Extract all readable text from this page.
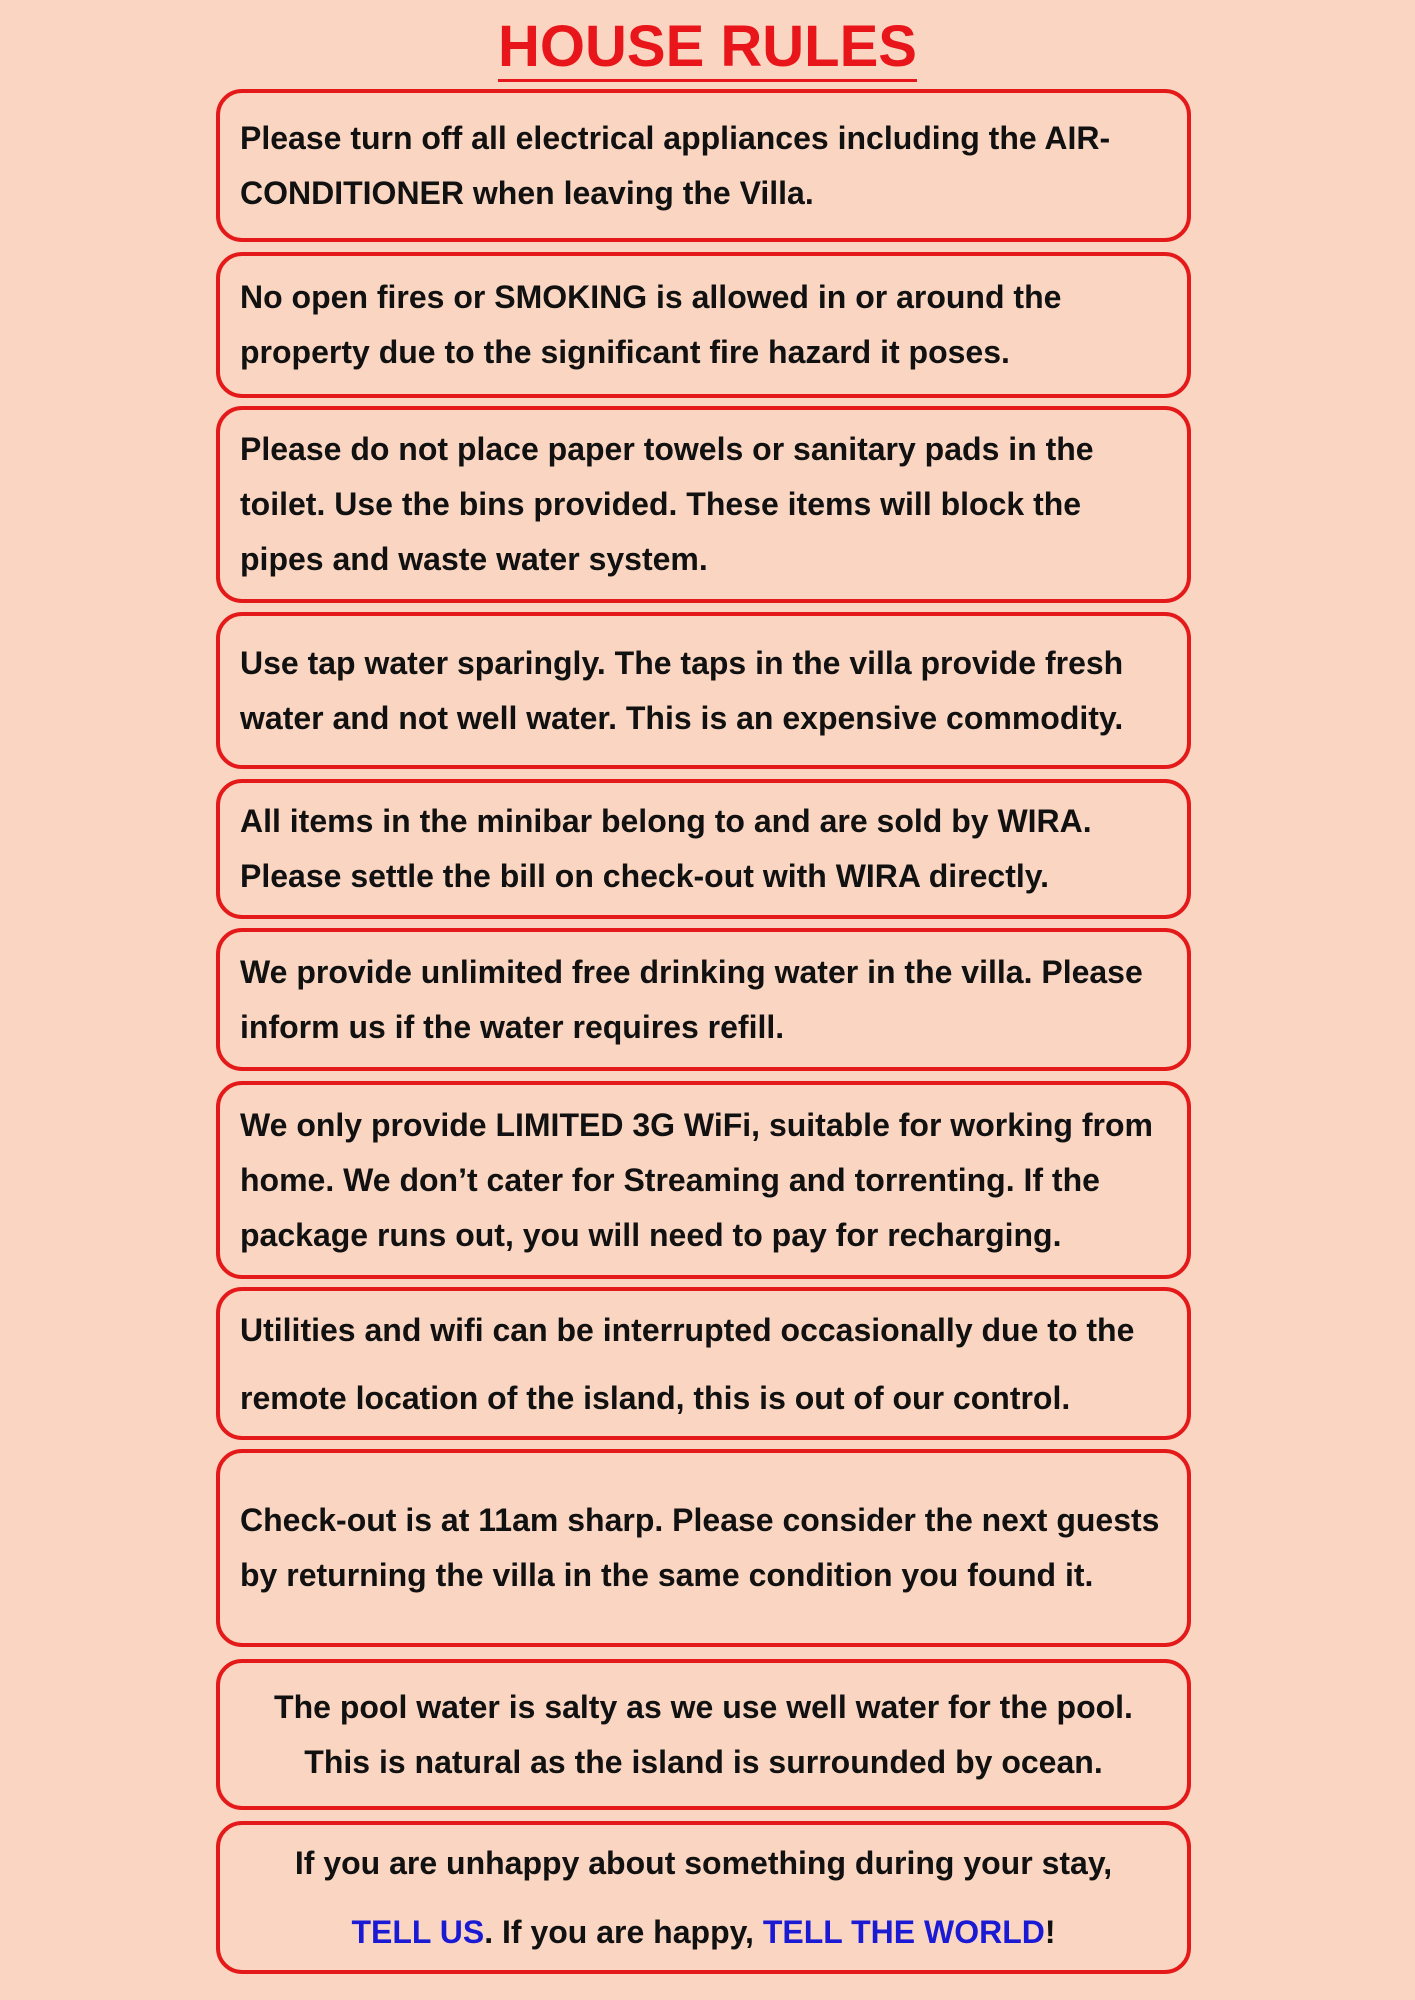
HOUSE RULES
Please turn off all electrical appliances including the AIR-CONDITIONER when leaving the Villa.
No open fires or SMOKING is allowed in or around the property due to the significant fire hazard it poses.
Please do not place paper towels or sanitary pads in the toilet. Use the bins provided. These items will block the pipes and waste water system.
Use tap water sparingly. The taps in the villa provide fresh water and not well water. This is an expensive commodity.
All items in the minibar belong to and are sold by WIRA. Please settle the bill on check-out with WIRA directly.
We provide unlimited free drinking water in the villa. Please inform us if the water requires refill.
We only provide LIMITED 3G WiFi, suitable for working from home. We don’t cater for Streaming and torrenting. If the package runs out, you will need to pay for recharging.
Utilities and wifi can be interrupted occasionally due to the remote location of the island, this is out of our control.
Check-out is at 11am sharp. Please consider the next guests by returning the villa in the same condition you found it.
The pool water is salty as we use well water for the pool. This is natural as the island is surrounded by ocean.
If you are unhappy about something during your stay,
TELL US. If you are happy, TELL THE WORLD!
